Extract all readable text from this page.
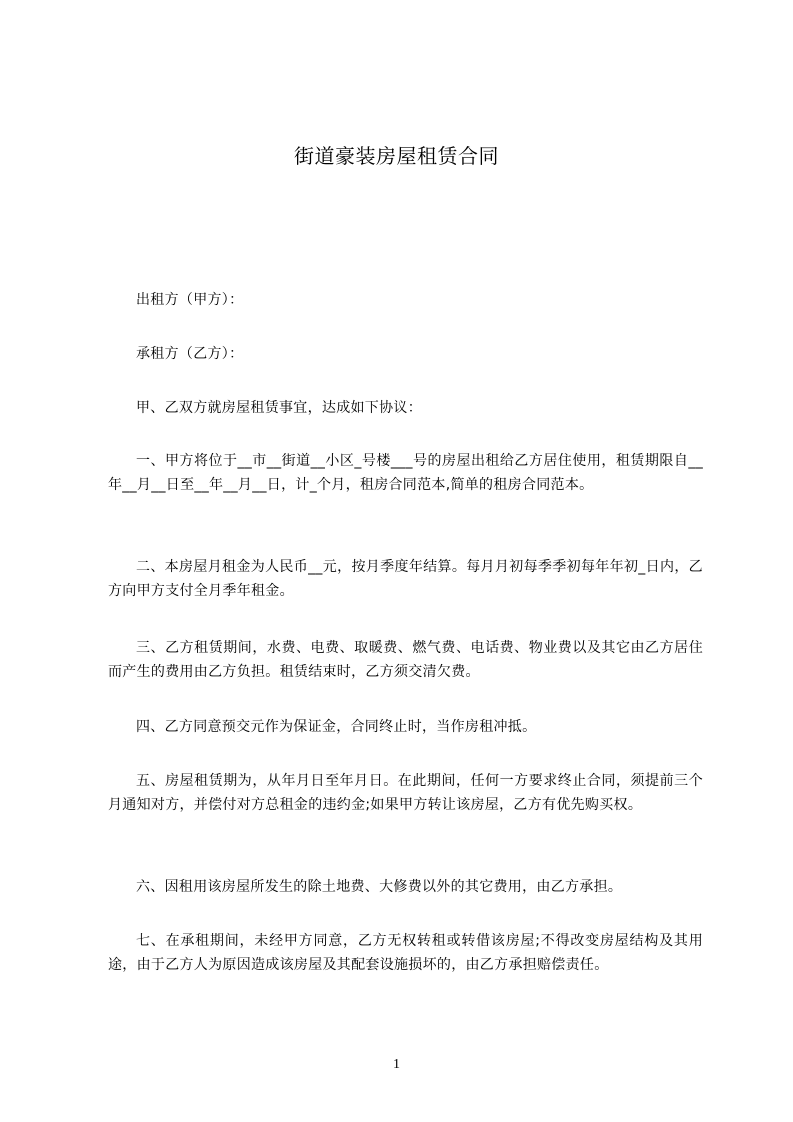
街道豪装房屋租赁合同

出租方（甲方）：

承租方（乙方）：

甲、乙双方就房屋租赁事宜，达成如下协议：

一、甲方将位于__市__街道__小区_号楼___号的房屋出租给乙方居住使用，租赁期限自__年__月__日至__年__月__日，计_个月，租房合同范本,简单的租房合同范本。

二、本房屋月租金为人民币__元，按月季度年结算。每月月初每季季初每年年初_日内，乙方向甲方支付全月季年租金。

三、乙方租赁期间，水费、电费、取暖费、燃气费、电话费、物业费以及其它由乙方居住而产生的费用由乙方负担。租赁结束时，乙方须交清欠费。

四、乙方同意预交元作为保证金，合同终止时，当作房租冲抵。

五、房屋租赁期为，从年月日至年月日。在此期间，任何一方要求终止合同，须提前三个月通知对方，并偿付对方总租金的违约金;如果甲方转让该房屋，乙方有优先购买权。

六、因租用该房屋所发生的除土地费、大修费以外的其它费用，由乙方承担。

七、在承租期间，未经甲方同意，乙方无权转租或转借该房屋;不得改变房屋结构及其用途，由于乙方人为原因造成该房屋及其配套设施损坏的，由乙方承担赔偿责任。

1
